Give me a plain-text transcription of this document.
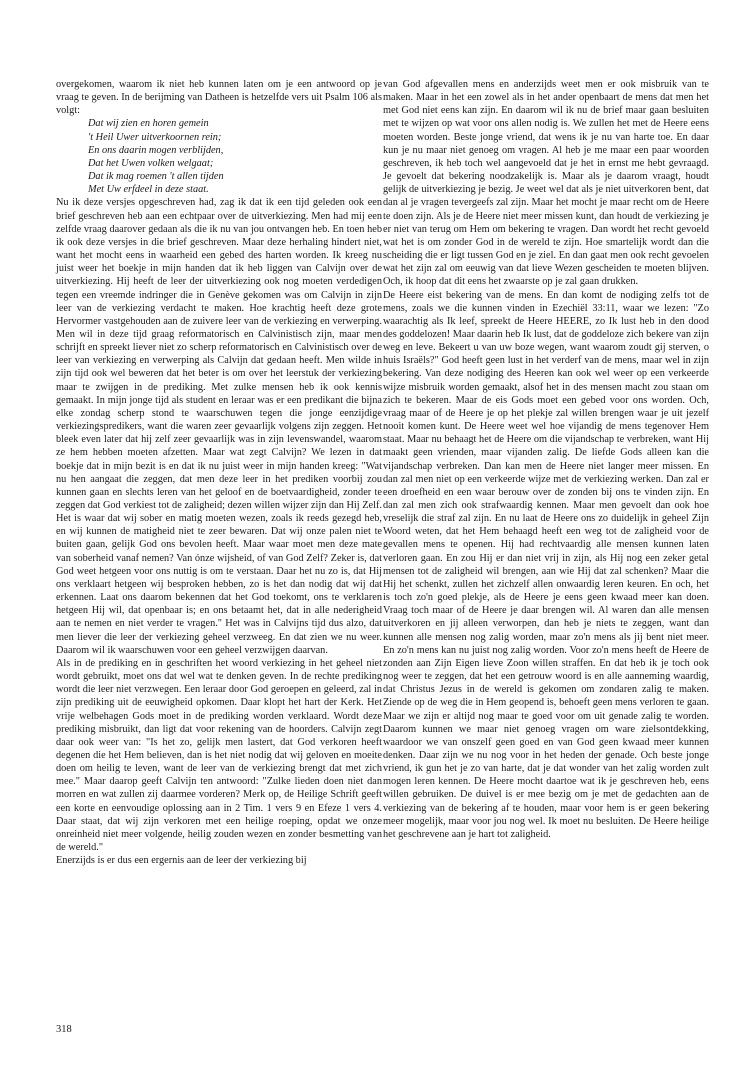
overgekomen, waarom ik niet heb kunnen laten om je een antwoord op je vraag te geven. In de berijming van Datheen is hetzelfde vers uit Psalm 106 als volgt:

Dat wij zien en horen gemein
't Heil Uwer uitverkoornen rein;
En ons daarin mogen verblijden,
Dat het Uwen volken welgaat;
Dat ik mag roemen 't allen tijden
Met Uw erfdeel in deze staat.

Nu ik deze versjes opgeschreven had, zag ik dat ik een tijd geleden ook een brief geschreven heb aan een echtpaar over de uitverkiezing. Men had mij een zelfde vraag daarover gedaan als die ik nu van jou ontvangen heb. En toen heb ik ook deze versjes in die brief geschreven. Maar deze herhaling hindert niet, want het mocht eens in waarheid een gebed des harten worden. Ik kreeg nu juist weer het boekje in mijn handen dat ik heb liggen van Calvijn over de uitverkiezing. Hij heeft de leer der uitverkiezing ook nog moeten verdedigen tegen een vreemde indringer die in Genève gekomen was om Calvijn in zijn leer van de verkiezing verdacht te maken. Hoe krachtig heeft deze grote Hervormer vastgehouden aan de zuivere leer van de verkiezing en verwerping. Men wil in deze tijd graag reformatorisch en Calvinistisch zijn, maar men schrijft en spreekt liever niet zo scherp reformatorisch en Calvinistisch over de leer van verkiezing en verwerping als Calvijn dat gedaan heeft. Men wilde in zijn tijd ook wel beweren dat het beter is om over het leerstuk der verkiezing maar te zwijgen in de prediking. Met zulke mensen heb ik ook kennis gemaakt. In mijn jonge tijd als student en leraar was er een predikant die bijna elke zondag scherp stond te waarschuwen tegen die jonge eenzijdige verkiezingspredikers, want die waren zeer gevaarlijk volgens zijn zeggen. Het bleek even later dat hij zelf zeer gevaarlijk was in zijn levenswandel, waarom ze hem hebben moeten afzetten. Maar wat zegt Calvijn? We lezen in dat boekje dat in mijn bezit is en dat ik nu juist weer in mijn handen kreeg: "Wat nu hen aangaat die zeggen, dat men deze leer in het prediken voorbij zou kunnen gaan en slechts leren van het geloof en de boetvaardigheid, zonder te zeggen dat God verkiest tot de zaligheid; dezen willen wijzer zijn dan Hij Zelf. Het is waar dat wij sober en matig moeten wezen, zoals ik reeds gezegd heb, en wij kunnen de matigheid niet te zeer bewaren. Dat wij onze palen niet te buiten gaan, gelijk God ons bevolen heeft. Maar waar moet men deze mate van soberheid vanaf nemen? Van ónze wijsheid, of van God Zelf? Zeker is, dat God weet hetgeen voor ons nuttig is om te verstaan. Daar het nu zo is, dat Hij ons verklaart hetgeen wij besproken hebben, zo is het dan nodig dat wij dat erkennen. Laat ons daarom bekennen dat het God toekomt, ons te verklaren hetgeen Hij wil, dat openbaar is; en ons betaamt het, dat in alle nederigheid aan te nemen en niet verder te vragen." Het was in Calvijns tijd dus alzo, dat men liever die leer der verkiezing geheel verzweeg. En dat zien we nu weer. Daarom wil ik waarschuwen voor een geheel verzwijgen daarvan.

Als in de prediking en in geschriften het woord verkiezing in het geheel niet wordt gebruikt, moet ons dat wel wat te denken geven. In de rechte prediking wordt die leer niet verzwegen. Een leraar door God geroepen en geleerd, zal in zijn prediking uit de eeuwigheid opkomen. Daar klopt het hart der Kerk. Het vrije welbehagen Gods moet in de prediking worden verklaard. Wordt deze prediking misbruikt, dan ligt dat voor rekening van de hoorders. Calvijn zegt daar ook weer van: "Is het zo, gelijk men lastert, dat God verkoren heeft degenen die het Hem believen, dan is het niet nodig dat wij geloven en moeite doen om heilig te leven, want de leer van de verkiezing brengt dat met zich mee." Maar daarop geeft Calvijn ten antwoord: "Zulke lieden doen niet dan morren en wat zullen zij daarmee vorderen? Merk op, de Heilige Schrift geeft een korte en eenvoudige oplossing aan in 2 Tim. 1 vers 9 en Efeze 1 vers 4. Daar staat, dat wij zijn verkoren met een heilige roeping, opdat we onze onreinheid niet meer volgende, heilig zouden wezen en zonder besmetting van de wereld."

Enerzijds is er dus een ergernis aan de leer der verkiezing bij

van God afgevallen mens en anderzijds weet men er ook misbruik van te maken. Maar in het een zowel als in het ander openbaart de mens dat men het met God niet eens kan zijn. En daarom wil ik nu de brief maar gaan besluiten met te wijzen op wat voor ons allen nodig is. We zullen het met de Heere eens moeten worden. Beste jonge vriend, dat wens ik je nu van harte toe. En daar kun je nu maar niet genoeg om vragen. Al heb je me maar een paar woorden geschreven, ik heb toch wel aangevoeld dat je het in ernst me hebt gevraagd. Je gevoelt dat bekering noodzakelijk is. Maar als je daarom vraagt, houdt gelijk de uitverkiezing je bezig. Je weet wel dat als je niet uitverkoren bent, dat dan al je vragen tevergeefs zal zijn. Maar het mocht je maar recht om de Heere te doen zijn. Als je de Heere niet meer missen kunt, dan houdt de verkiezing je er niet van terug om Hem om bekering te vragen. Dan wordt het recht gevoeld wat het is om zonder God in de wereld te zijn. Hoe smartelijk wordt dan die scheiding die er ligt tussen God en je ziel. En dan gaat men ook recht gevoelen wat het zijn zal om eeuwig van dat lieve Wezen gescheiden te moeten blijven. Och, ik hoop dat dit eens het zwaarste op je zal gaan drukken.

De Heere eist bekering van de mens. En dan komt de nodiging zelfs tot de mens, zoals we die kunnen vinden in Ezechiël 33:11, waar we lezen: "Zo waarachtig als Ik leef, spreekt de Heere HEERE, zo Ik lust heb in den dood des goddelozen! Maar daarin heb Ik lust, dat de goddeloze zich bekere van zijn weg en leve. Bekeert u van uw boze wegen, want waarom zoudt gij sterven, o huis Israëls?" God heeft geen lust in het verderf van de mens, maar wel in zijn bekering. Van deze nodiging des Heeren kan ook wel weer op een verkeerde wijze misbruik worden gemaakt, alsof het in des mensen macht zou staan om zich te bekeren. Maar de eis Gods moet een gebed voor ons worden. Och, vraag maar of de Heere je op het plekje zal willen brengen waar je uit jezelf nooit komen kunt. De Heere weet wel hoe vijandig de mens tegenover Hem staat. Maar nu behaagt het de Heere om die vijandschap te verbreken, want Hij maakt geen vrienden, maar vijanden zalig. De liefde Gods alleen kan die vijandschap verbreken. Dan kan men de Heere niet langer meer missen. En dan zal men niet op een verkeerde wijze met de verkiezing werken. Dan zal er een droefheid en een waar berouw over de zonden bij ons te vinden zijn. En dan zal men zich ook strafwaardig kennen. Maar men gevoelt dan ook hoe vreselijk die straf zal zijn. En nu laat de Heere ons zo duidelijk in geheel Zijn Woord weten, dat het Hem behaagd heeft een weg tot de zaligheid voor de gevallen mens te openen. Hij had rechtvaardig alle mensen kunnen laten verloren gaan. En zou Hij er dan niet vrij in zijn, als Hij nog een zeker getal mensen tot de zaligheid wil brengen, aan wie Hij dat zal schenken? Maar die Hij het schenkt, zullen het zichzelf allen onwaardig leren keuren. En och, het is toch zo'n goed plekje, als de Heere je eens geen kwaad meer kan doen. Vraag toch maar of de Heere je daar brengen wil. Al waren dan alle mensen uitverkoren en jij alleen verworpen, dan heb je niets te zeggen, want dan kunnen alle mensen nog zalig worden, maar zo'n mens als jij bent niet meer. En zo'n mens kan nu juist nog zalig worden. Voor zo'n mens heeft de Heere de zonden aan Zijn Eigen lieve Zoon willen straffen. En dat heb ik je toch ook nog weer te zeggen, dat het een getrouw woord is en alle aanneming waardig, dat Christus Jezus in de wereld is gekomen om zondaren zalig te maken. Ziende op de weg die in Hem geopend is, behoeft geen mens verloren te gaan. Maar we zijn er altijd nog maar te goed voor om uit genade zalig te worden. Daarom kunnen we maar niet genoeg vragen om ware zielsontdekking, waardoor we van onszelf geen goed en van God geen kwaad meer kunnen denken. Daar zijn we nu nog voor in het heden der genade. Och beste jonge vriend, ik gun het je zo van harte, dat je dat wonder van het zalig worden zult mogen leren kennen. De Heere mocht daartoe wat ik je geschreven heb, eens willen gebruiken. De duivel is er mee bezig om je met de gedachten aan de verkiezing van de bekering af te houden, maar voor hem is er geen bekering meer mogelijk, maar voor jou nog wel. Ik moet nu besluiten. De Heere heilige het geschrevene aan je hart tot zaligheid.

318
